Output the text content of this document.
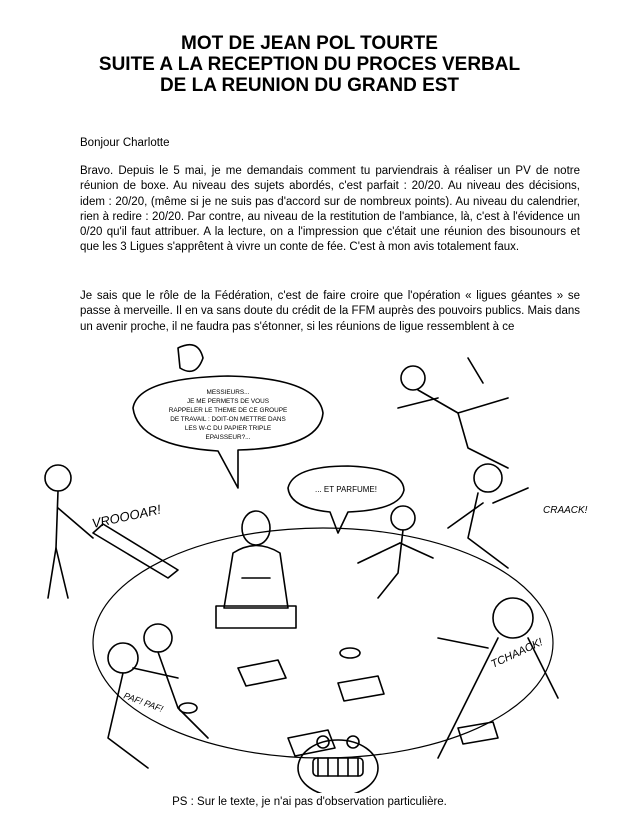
MOT DE JEAN POL TOURTE
SUITE A LA RECEPTION DU PROCES VERBAL
DE LA REUNION DU GRAND EST
Bonjour Charlotte

Bravo. Depuis le 5 mai, je me demandais comment tu parviendrais à réaliser un PV de notre réunion de boxe. Au niveau des sujets abordés, c'est parfait : 20/20. Au niveau des décisions, idem : 20/20, (même si je ne suis pas d'accord sur de nombreux points). Au niveau du calendrier, rien à redire : 20/20. Par contre, au niveau de la restitution de l'ambiance, là, c'est à l'évidence un 0/20 qu'il faut attribuer. A la lecture, on a l'impression que c'était une réunion des bisounours et que les 3 Ligues s'apprêtent à vivre un conte de fée. C'est à mon avis totalement faux.

Je sais que le rôle de la Fédération, c'est de faire croire que l'opération « ligues géantes » se passe à merveille. Il en va sans doute du crédit de la FFM auprès des pouvoirs publics. Mais dans un avenir proche, il ne faudra pas s'étonner, si les réunions de ligue ressemblent à ce

MESSIEURS...
JE ME PERMETS DE VOUS
RAPPELER LE THEME DE CE GROUPE
DE TRAVAIL : DOIT-ON METTRE DANS
LES W-C DU PAPIER TRIPLE
EPAISSEUR?...
... ET PARFUME!
VROOOAR!	CRAACK!
TCHAACK!
PAF! PAF!
PS : Sur le texte, je n'ai pas d'observation particulière.
